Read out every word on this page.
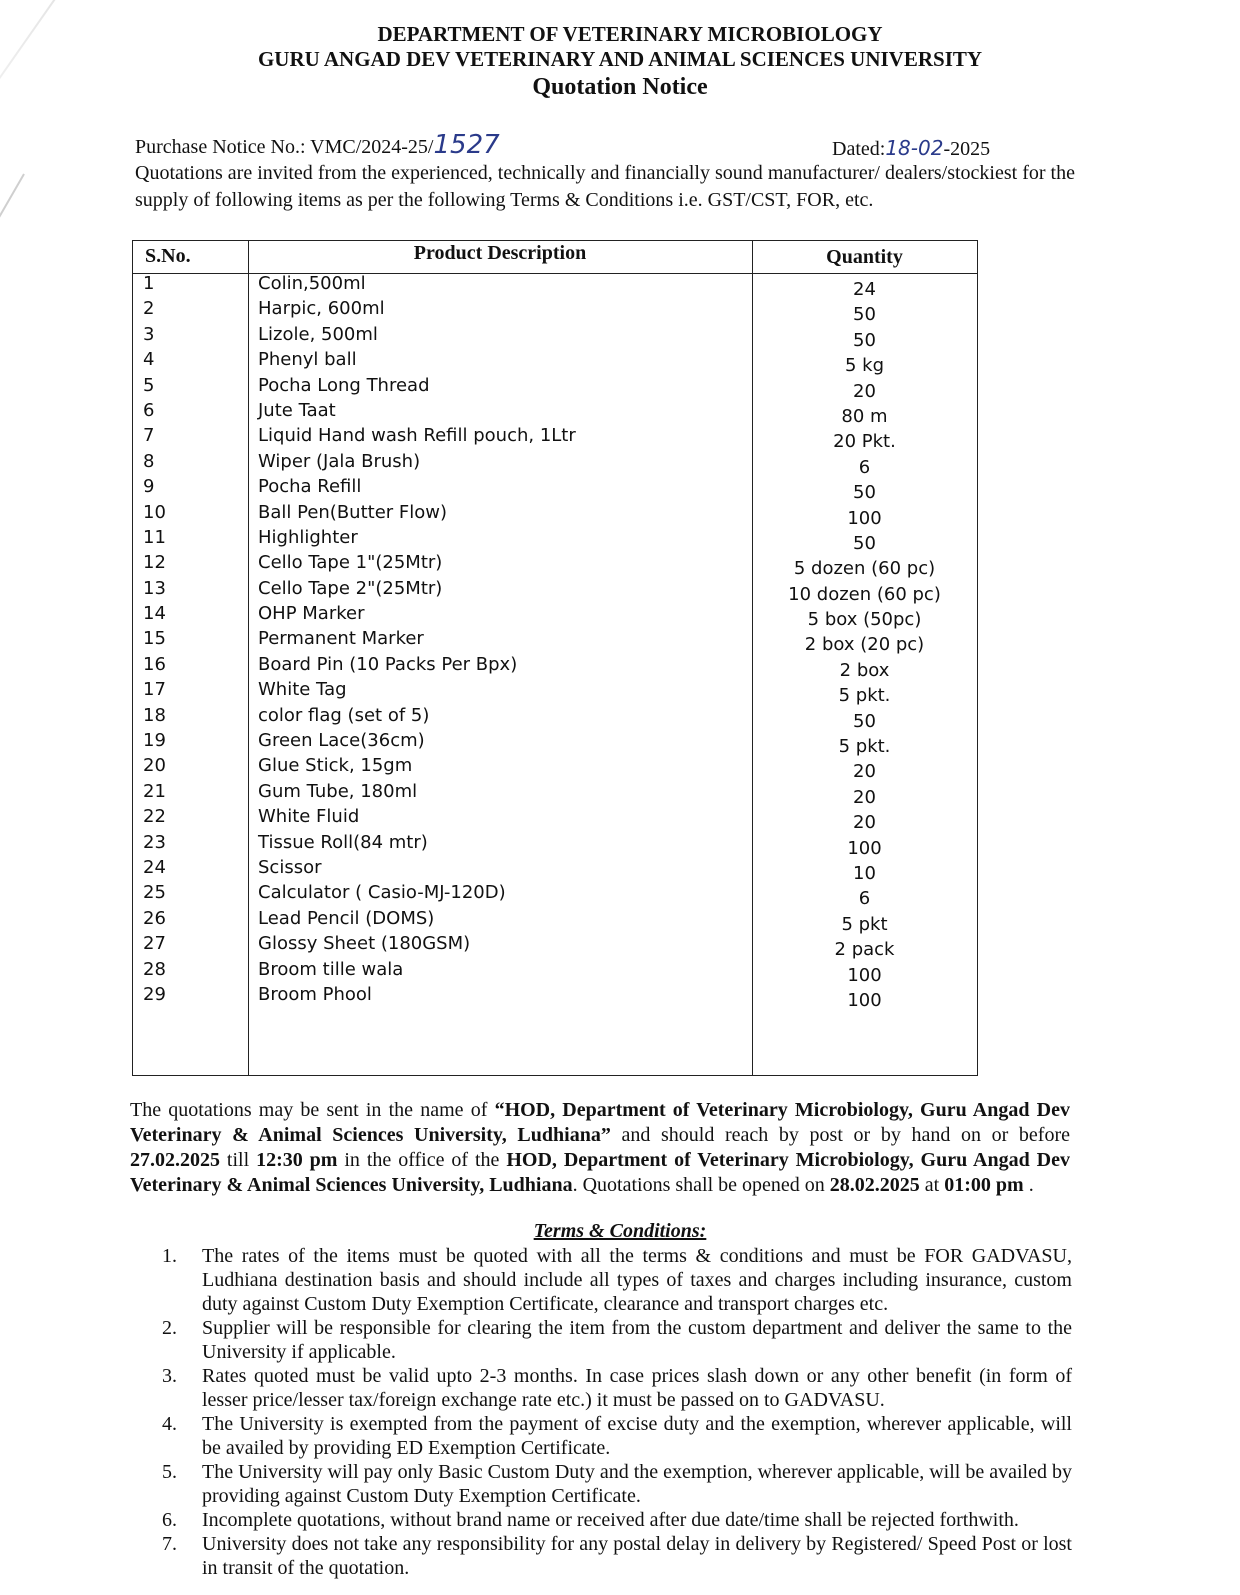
DEPARTMENT OF VETERINARY MICROBIOLOGY
GURU ANGAD DEV VETERINARY AND ANIMAL SCIENCES UNIVERSITY
Quotation Notice
Purchase Notice No.: VMC/2024-25/1527	Dated:18-02-2025
Quotations are invited from the experienced, technically and financially sound manufacturer/ dealers/stockiest for the supply of following items as per the following Terms & Conditions i.e. GST/CST, FOR, etc.
S.No.	Product Description	Quantity
1	Colin,500ml	24
2	Harpic, 600ml	50
3	Lizole, 500ml	50
4	Phenyl ball	5 kg
5	Pocha Long Thread	20
6	Jute Taat	80 m
7	Liquid Hand wash Refill pouch, 1Ltr	20 Pkt.
8	Wiper (Jala Brush)	6
9	Pocha Refill	50
10	Ball Pen(Butter Flow)	100
11	Highlighter	50
12	Cello Tape 1"(25Mtr)	5 dozen (60 pc)
13	Cello Tape 2"(25Mtr)	10 dozen (60 pc)
14	OHP Marker	5 box (50pc)
15	Permanent Marker	2 box (20 pc)
16	Board Pin (10 Packs Per Bpx)	2 box
17	White Tag	5 pkt.
18	color flag (set of 5)	50
19	Green Lace(36cm)	5 pkt.
20	Glue Stick, 15gm	20
21	Gum Tube, 180ml	20
22	White Fluid	20
23	Tissue Roll(84 mtr)	100
24	Scissor	10
25	Calculator ( Casio-MJ-120D)	6
26	Lead Pencil (DOMS)	5 pkt
27	Glossy Sheet (180GSM)	2 pack
28	Broom tille wala	100
29	Broom Phool	100
The quotations may be sent in the name of “HOD, Department of Veterinary Microbiology, Guru Angad Dev Veterinary & Animal Sciences University, Ludhiana” and should reach by post or by hand on or before 27.02.2025 till 12:30 pm in the office of the HOD, Department of Veterinary Microbiology, Guru Angad Dev Veterinary & Animal Sciences University, Ludhiana. Quotations shall be opened on 28.02.2025 at 01:00 pm .
Terms & Conditions:
1. The rates of the items must be quoted with all the terms & conditions and must be FOR GADVASU, Ludhiana destination basis and should include all types of taxes and charges including insurance, custom duty against Custom Duty Exemption Certificate, clearance and transport charges etc.
2. Supplier will be responsible for clearing the item from the custom department and deliver the same to the University if applicable.
3. Rates quoted must be valid upto 2-3 months. In case prices slash down or any other benefit (in form of lesser price/lesser tax/foreign exchange rate etc.) it must be passed on to GADVASU.
4. The University is exempted from the payment of excise duty and the exemption, wherever applicable, will be availed by providing ED Exemption Certificate.
5. The University will pay only Basic Custom Duty and the exemption, wherever applicable, will be availed by providing against Custom Duty Exemption Certificate.
6. Incomplete quotations, without brand name or received after due date/time shall be rejected forthwith.
7. University does not take any responsibility for any postal delay in delivery by Registered/ Speed Post or lost in transit of the quotation.
